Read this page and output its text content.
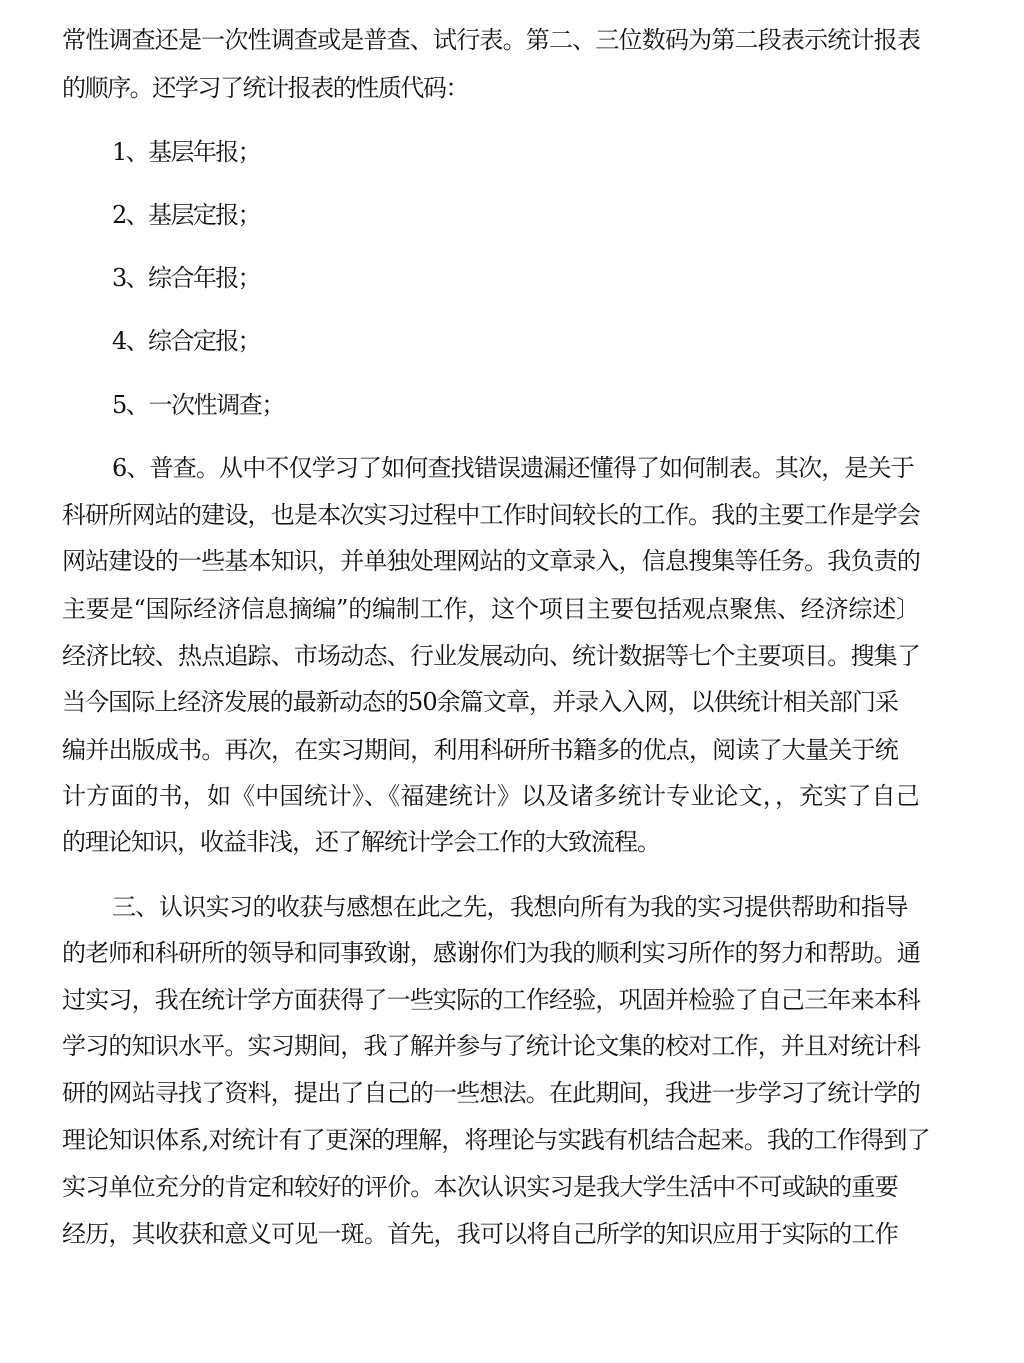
常性调查还是一次性调查或是普查、试行表。第二、三位数码为第二段表示统计报表
的顺序。还学习了统计报表的性质代码：
1、基层年报；
2、基层定报；
3、综合年报；
4、综合定报；
5、一次性调查；
6、普查。从中不仅学习了如何查找错误遗漏还懂得了如何制表。其次，是关于
科研所网站的建设，也是本次实习过程中工作时间较长的工作。我的主要工作是学会
网站建设的一些基本知识，并单独处理网站的文章录入，信息搜集等任务。我负责的
主要是“国际经济信息摘编”的编制工作，这个项目主要包括观点聚焦、经济综述〕
经济比较、热点追踪、市场动态、行业发展动向、统计数据等七个主要项目。搜集了
当今国际上经济发展的最新动态的50余篇文章，并录入入网，以供统计相关部门采
编并出版成书。再次，在实习期间，利用科研所书籍多的优点，阅读了大量关于统
计方面的书，如《中国统计》、《福建统计》以及诸多统计专业论文，，充实了自己
的理论知识，收益非浅，还了解统计学会工作的大致流程。
三、认识实习的收获与感想在此之先，我想向所有为我的实习提供帮助和指导
的老师和科研所的领导和同事致谢，感谢你们为我的顺利实习所作的努力和帮助。通
过实习，我在统计学方面获得了一些实际的工作经验，巩固并检验了自己三年来本科
学习的知识水平。实习期间，我了解并参与了统计论文集的校对工作，并且对统计科
研的网站寻找了资料，提出了自己的一些想法。在此期间，我进一步学习了统计学的
理论知识体系,对统计有了更深的理解，将理论与实践有机结合起来。我的工作得到了
实习单位充分的肯定和较好的评价。本次认识实习是我大学生活中不可或缺的重要
经历，其收获和意义可见一斑。首先，我可以将自己所学的知识应用于实际的工作
